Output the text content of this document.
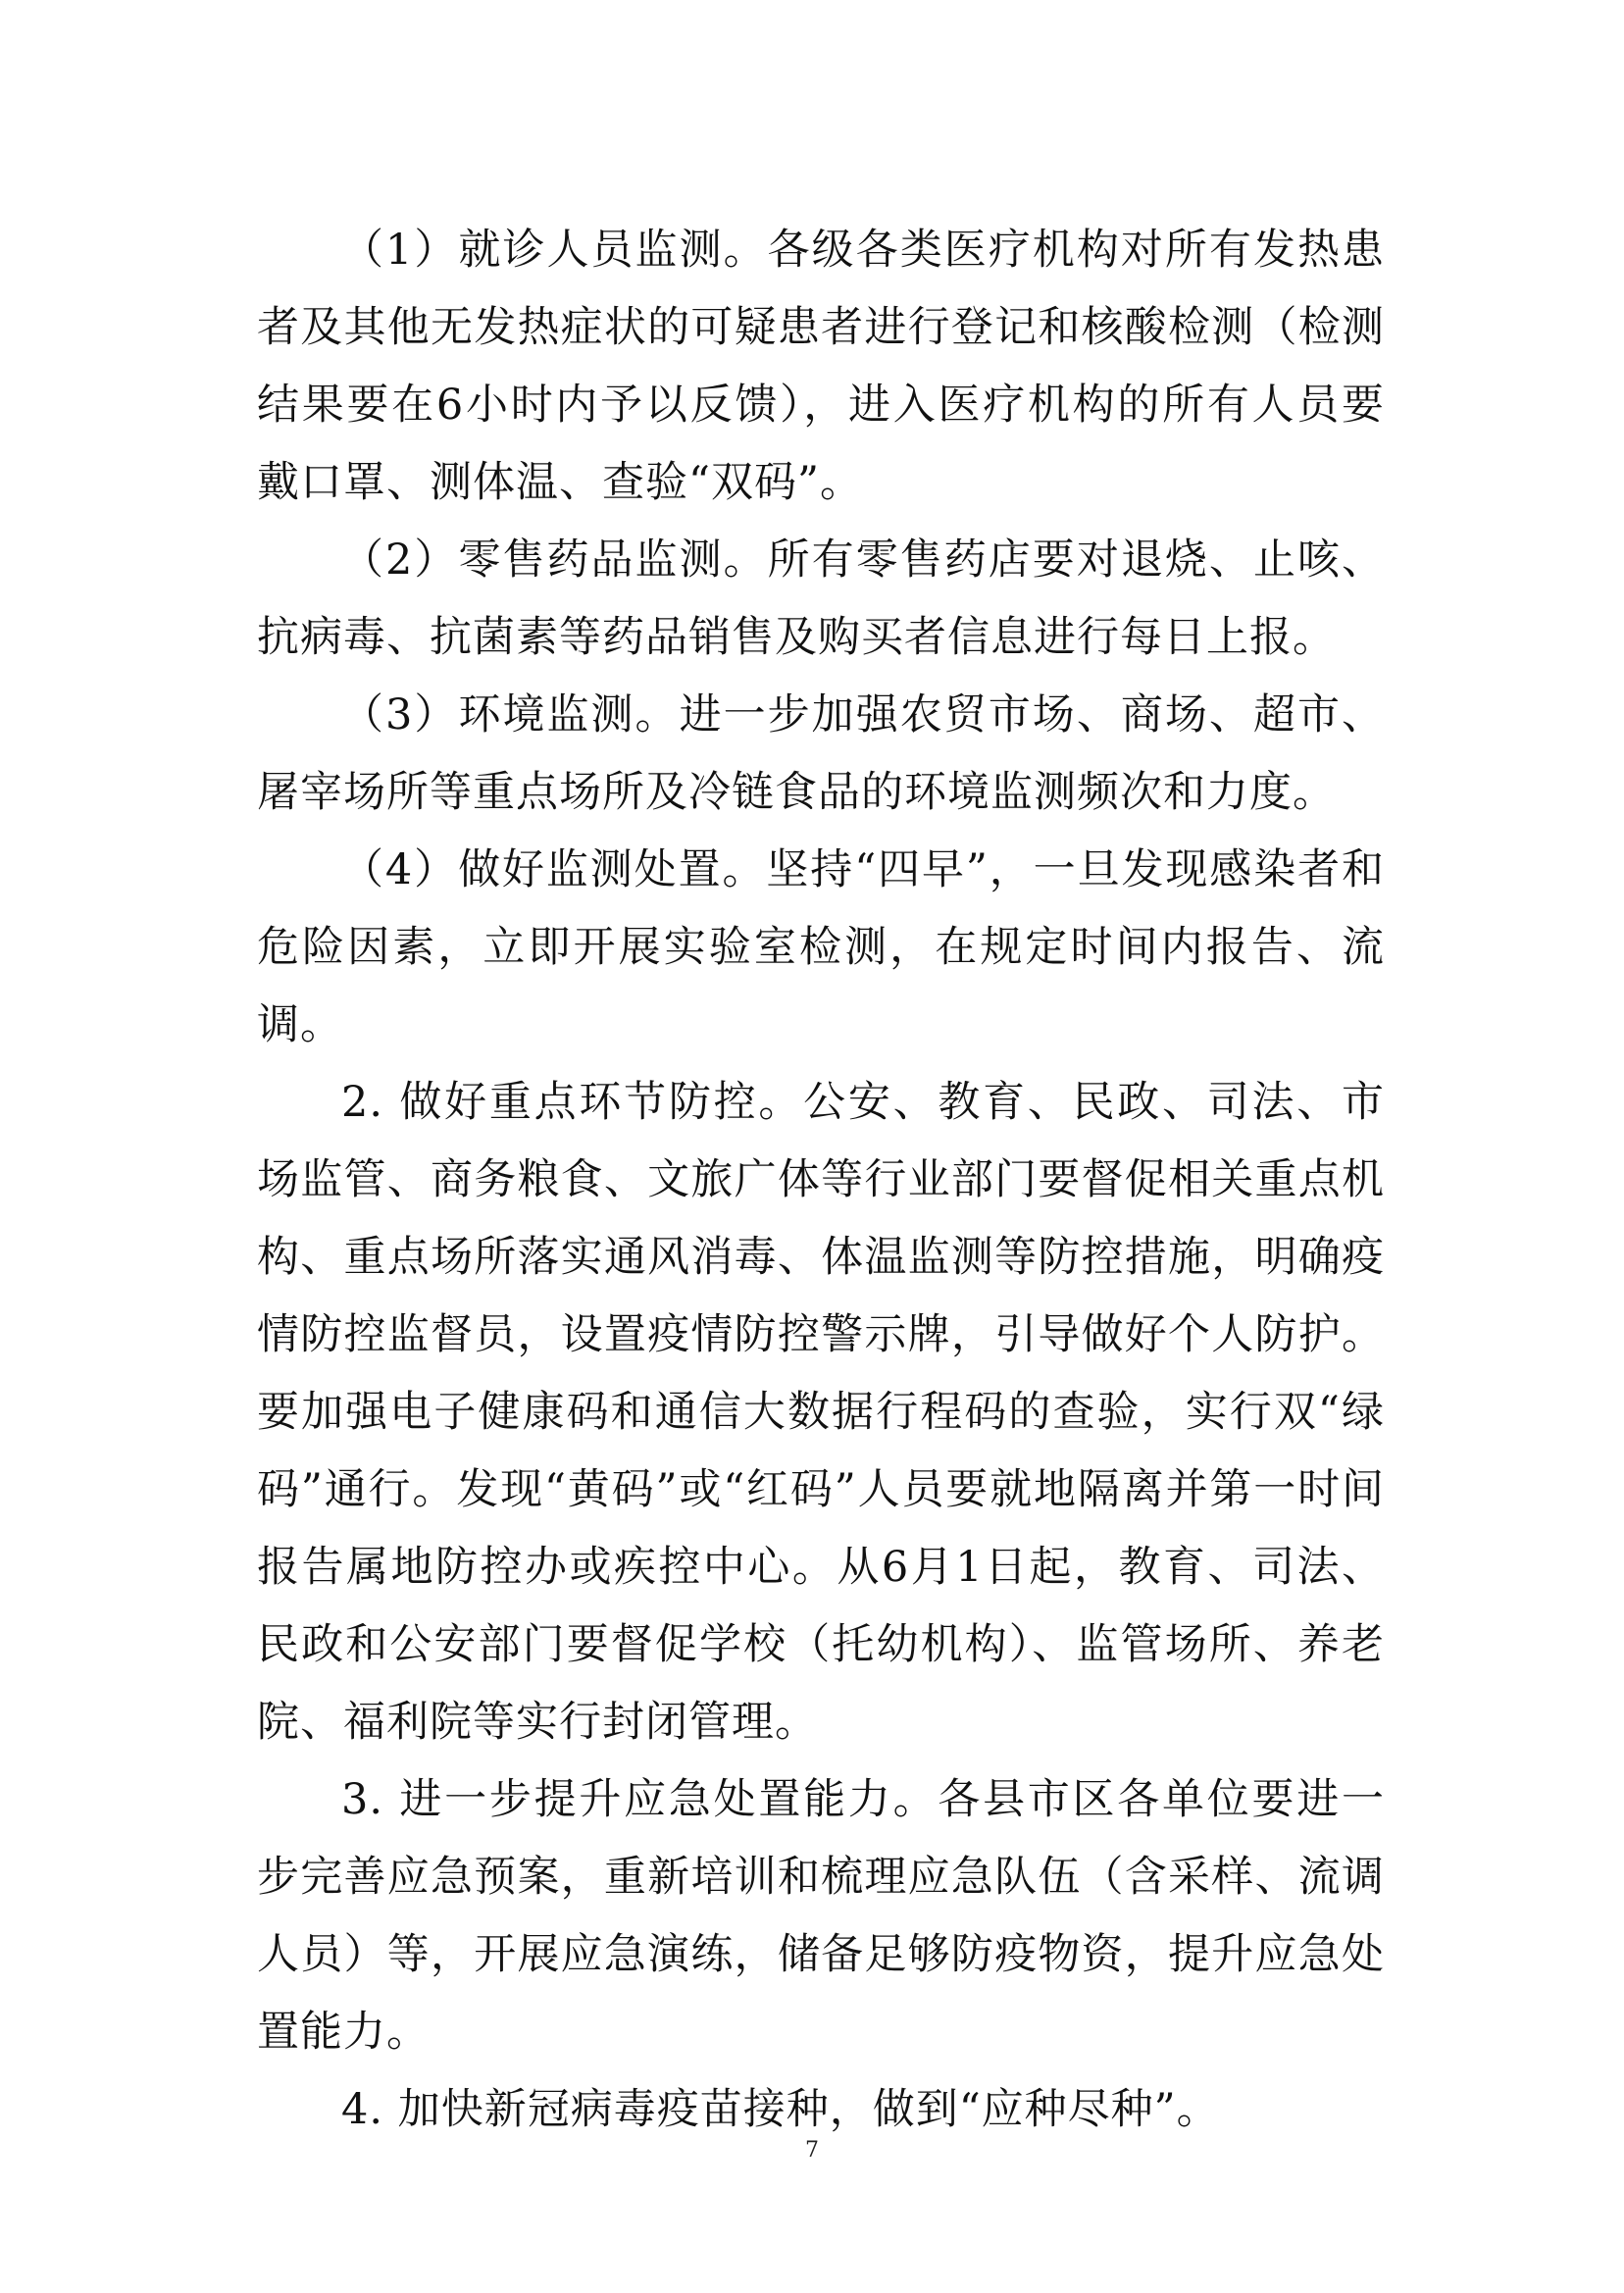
（1）就诊人员监测。各级各类医疗机构对所有发热患者及其他无发热症状的可疑患者进行登记和核酸检测（检测结果要在6小时内予以反馈），进入医疗机构的所有人员要戴口罩、测体温、查验“双码”。

（2）零售药品监测。所有零售药店要对退烧、止咳、抗病毒、抗菌素等药品销售及购买者信息进行每日上报。

（3）环境监测。进一步加强农贸市场、商场、超市、屠宰场所等重点场所及冷链食品的环境监测频次和力度。

（4）做好监测处置。坚持“四早”，一旦发现感染者和危险因素，立即开展实验室检测，在规定时间内报告、流调。

2. 做好重点环节防控。公安、教育、民政、司法、市场监管、商务粮食、文旅广体等行业部门要督促相关重点机构、重点场所落实通风消毒、体温监测等防控措施，明确疫情防控监督员，设置疫情防控警示牌，引导做好个人防护。要加强电子健康码和通信大数据行程码的查验，实行双“绿码”通行。发现“黄码”或“红码”人员要就地隔离并第一时间报告属地防控办或疾控中心。从6月1日起，教育、司法、民政和公安部门要督促学校（托幼机构）、监管场所、养老院、福利院等实行封闭管理。

3. 进一步提升应急处置能力。各县市区各单位要进一步完善应急预案，重新培训和梳理应急队伍（含采样、流调人员）等，开展应急演练，储备足够防疫物资，提升应急处置能力。

4. 加快新冠病毒疫苗接种，做到“应种尽种”。

7
